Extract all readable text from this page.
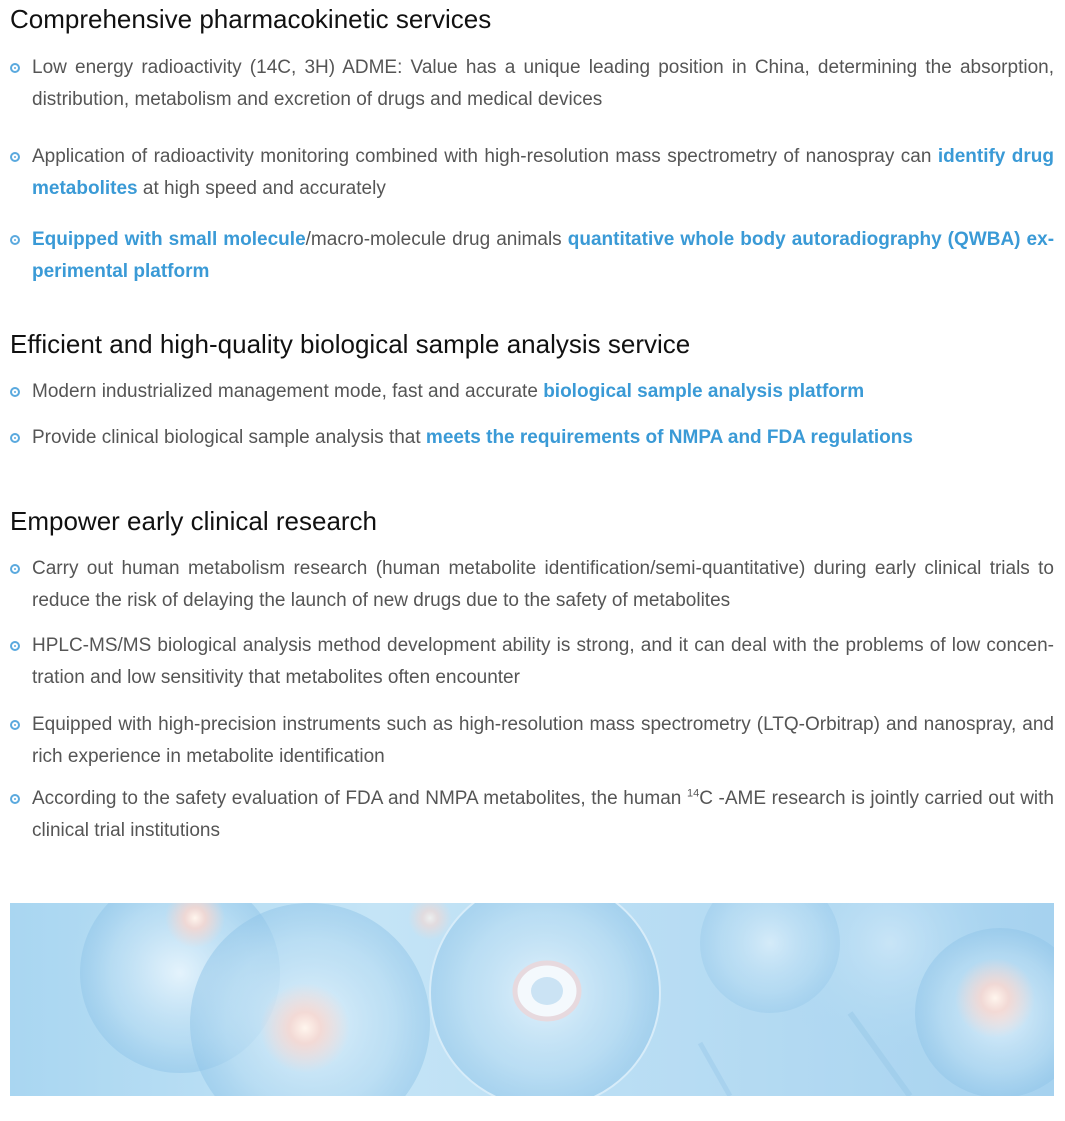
Comprehensive pharmacokinetic services
Low energy radioactivity (14C, 3H) ADME: Value has a unique leading position in China, determining the absorption, distribution, metabolism and excretion of drugs and medical devices
Application of radioactivity monitoring combined with high-resolution mass spectrometry of nanospray can identify drug metabolites at high speed and accurately
Equipped with small molecule/macro-molecule drug animals quantitative whole body autoradiography (QWBA) experimental platform
Efficient and high-quality biological sample analysis service
Modern industrialized management mode, fast and accurate biological sample analysis platform
Provide clinical biological sample analysis that meets the requirements of NMPA and FDA regulations
Empower early clinical research
Carry out human metabolism research (human metabolite identification/semi-quantitative) during early clinical trials to reduce the risk of delaying the launch of new drugs due to the safety of metabolites
HPLC-MS/MS biological analysis method development ability is strong, and it can deal with the problems of low concentration and low sensitivity that metabolites often encounter
Equipped with high-precision instruments such as high-resolution mass spectrometry (LTQ-Orbitrap) and nanospray, and rich experience in metabolite identification
According to the safety evaluation of FDA and NMPA metabolites, the human $^{14}$C -AME research is jointly carried out with clinical trial institutions
